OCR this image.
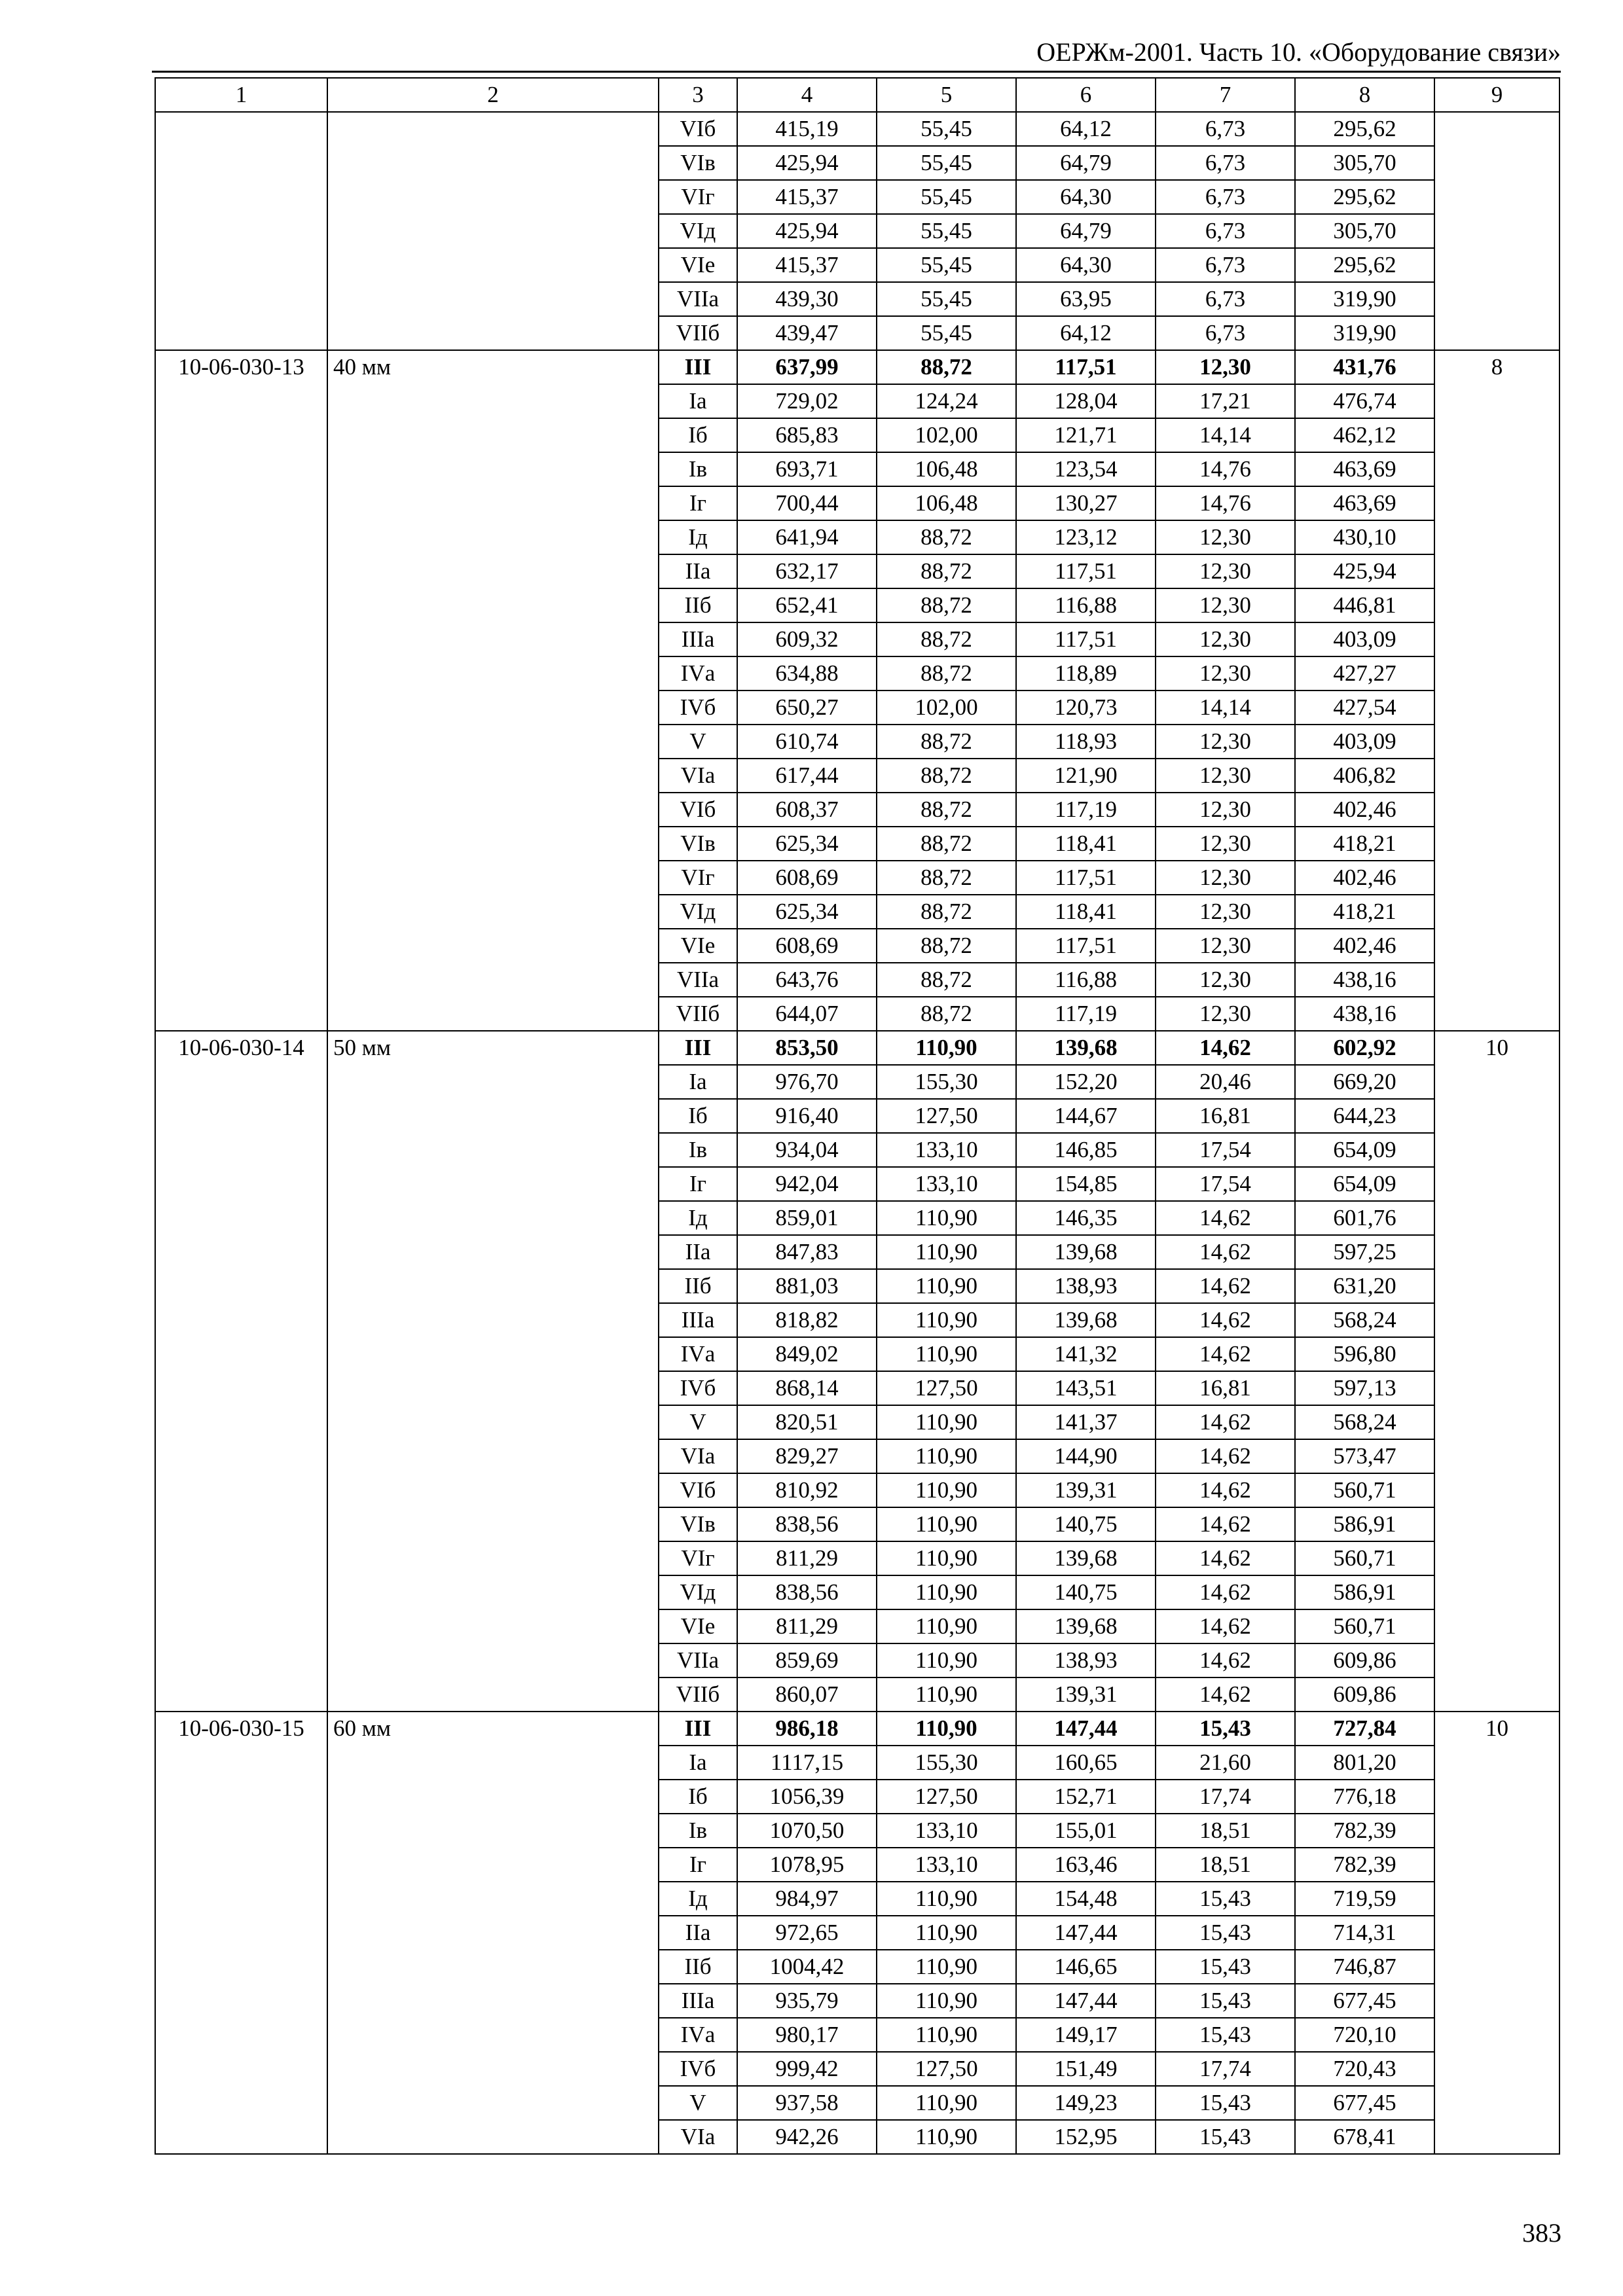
ОЕРЖм-2001. Часть 10. «Оборудование связи»
1	2	3	4	5	6	7	8	9
		VIб	415,19	55,45	64,12	6,73	295,62	
		VIв	425,94	55,45	64,79	6,73	305,70	
		VIг	415,37	55,45	64,30	6,73	295,62	
		VIд	425,94	55,45	64,79	6,73	305,70	
		VIе	415,37	55,45	64,30	6,73	295,62	
		VIIа	439,30	55,45	63,95	6,73	319,90	
		VIIб	439,47	55,45	64,12	6,73	319,90	
10-06-030-13	40 мм	III	637,99	88,72	117,51	12,30	431,76	8
		Iа	729,02	124,24	128,04	17,21	476,74	
		Iб	685,83	102,00	121,71	14,14	462,12	
		Iв	693,71	106,48	123,54	14,76	463,69	
		Iг	700,44	106,48	130,27	14,76	463,69	
		Iд	641,94	88,72	123,12	12,30	430,10	
		IIа	632,17	88,72	117,51	12,30	425,94	
		IIб	652,41	88,72	116,88	12,30	446,81	
		IIIа	609,32	88,72	117,51	12,30	403,09	
		IVа	634,88	88,72	118,89	12,30	427,27	
		IVб	650,27	102,00	120,73	14,14	427,54	
		V	610,74	88,72	118,93	12,30	403,09	
		VIа	617,44	88,72	121,90	12,30	406,82	
		VIб	608,37	88,72	117,19	12,30	402,46	
		VIв	625,34	88,72	118,41	12,30	418,21	
		VIг	608,69	88,72	117,51	12,30	402,46	
		VIд	625,34	88,72	118,41	12,30	418,21	
		VIе	608,69	88,72	117,51	12,30	402,46	
		VIIа	643,76	88,72	116,88	12,30	438,16	
		VIIб	644,07	88,72	117,19	12,30	438,16	
10-06-030-14	50 мм	III	853,50	110,90	139,68	14,62	602,92	10
		Iа	976,70	155,30	152,20	20,46	669,20	
		Iб	916,40	127,50	144,67	16,81	644,23	
		Iв	934,04	133,10	146,85	17,54	654,09	
		Iг	942,04	133,10	154,85	17,54	654,09	
		Iд	859,01	110,90	146,35	14,62	601,76	
		IIа	847,83	110,90	139,68	14,62	597,25	
		IIб	881,03	110,90	138,93	14,62	631,20	
		IIIа	818,82	110,90	139,68	14,62	568,24	
		IVа	849,02	110,90	141,32	14,62	596,80	
		IVб	868,14	127,50	143,51	16,81	597,13	
		V	820,51	110,90	141,37	14,62	568,24	
		VIа	829,27	110,90	144,90	14,62	573,47	
		VIб	810,92	110,90	139,31	14,62	560,71	
		VIв	838,56	110,90	140,75	14,62	586,91	
		VIг	811,29	110,90	139,68	14,62	560,71	
		VIд	838,56	110,90	140,75	14,62	586,91	
		VIе	811,29	110,90	139,68	14,62	560,71	
		VIIа	859,69	110,90	138,93	14,62	609,86	
		VIIб	860,07	110,90	139,31	14,62	609,86	
10-06-030-15	60 мм	III	986,18	110,90	147,44	15,43	727,84	10
		Iа	1117,15	155,30	160,65	21,60	801,20	
		Iб	1056,39	127,50	152,71	17,74	776,18	
		Iв	1070,50	133,10	155,01	18,51	782,39	
		Iг	1078,95	133,10	163,46	18,51	782,39	
		Iд	984,97	110,90	154,48	15,43	719,59	
		IIа	972,65	110,90	147,44	15,43	714,31	
		IIб	1004,42	110,90	146,65	15,43	746,87	
		IIIа	935,79	110,90	147,44	15,43	677,45	
		IVа	980,17	110,90	149,17	15,43	720,10	
		IVб	999,42	127,50	151,49	17,74	720,43	
		V	937,58	110,90	149,23	15,43	677,45	
		VIа	942,26	110,90	152,95	15,43	678,41	
383
